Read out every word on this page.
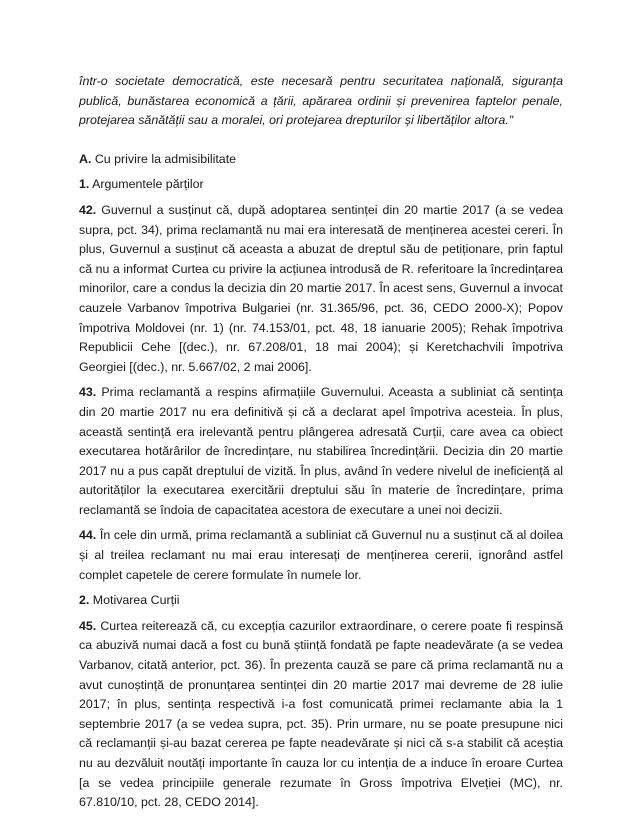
într-o societate democratică, este necesară pentru securitatea națională, siguranța publică, bunăstarea economică a țării, apărarea ordinii și prevenirea faptelor penale, protejarea sănătății sau a moralei, ori protejarea drepturilor și libertăților altora."

A. Cu privire la admisibilitate

1. Argumentele părților

42. Guvernul a susținut că, după adoptarea sentinței din 20 martie 2017 (a se vedea supra, pct. 34), prima reclamantă nu mai era interesată de menținerea acestei cereri. În plus, Guvernul a susținut că aceasta a abuzat de dreptul său de petiționare, prin faptul că nu a informat Curtea cu privire la acțiunea introdusă de R. referitoare la încredințarea minorilor, care a condus la decizia din 20 martie 2017. În acest sens, Guvernul a invocat cauzele Varbanov împotriva Bulgariei (nr. 31.365/96, pct. 36, CEDO 2000-X); Popov împotriva Moldovei (nr. 1) (nr. 74.153/01, pct. 48, 18 ianuarie 2005); Rehak împotriva Republicii Cehe [(dec.), nr. 67.208/01, 18 mai 2004); și Keretchachvili împotriva Georgiei [(dec.), nr. 5.667/02, 2 mai 2006].

43. Prima reclamantă a respins afirmațiile Guvernului. Aceasta a subliniat că sentința din 20 martie 2017 nu era definitivă și că a declarat apel împotriva acesteia. În plus, această sentință era irelevantă pentru plângerea adresată Curții, care avea ca obiect executarea hotărârilor de încredințare, nu stabilirea încredințării. Decizia din 20 martie 2017 nu a pus capăt dreptului de vizită. În plus, având în vedere nivelul de ineficiență al autorităților la executarea exercitării dreptului său în materie de încredințare, prima reclamantă se îndoia de capacitatea acestora de executare a unei noi decizii.

44. În cele din urmă, prima reclamantă a subliniat că Guvernul nu a susținut că al doilea și al treilea reclamant nu mai erau interesați de menținerea cererii, ignorând astfel complet capetele de cerere formulate în numele lor.

2. Motivarea Curții

45. Curtea reiterează că, cu excepția cazurilor extraordinare, o cerere poate fi respinsă ca abuzivă numai dacă a fost cu bună știință fondată pe fapte neadevărate (a se vedea Varbanov, citată anterior, pct. 36). În prezenta cauză se pare că prima reclamantă nu a avut cunoștință de pronunțarea sentinței din 20 martie 2017 mai devreme de 28 iulie 2017; în plus, sentința respectivă i-a fost comunicată primei reclamante abia la 1 septembrie 2017 (a se vedea supra, pct. 35). Prin urmare, nu se poate presupune nici că reclamanții și-au bazat cererea pe fapte neadevărate și nici că s-a stabilit că aceștia nu au dezvăluit noutăți importante în cauza lor cu intenția de a induce în eroare Curtea [a se vedea principiile generale rezumate în Gross împotriva Elveției (MC), nr. 67.810/10, pct. 28, CEDO 2014].
